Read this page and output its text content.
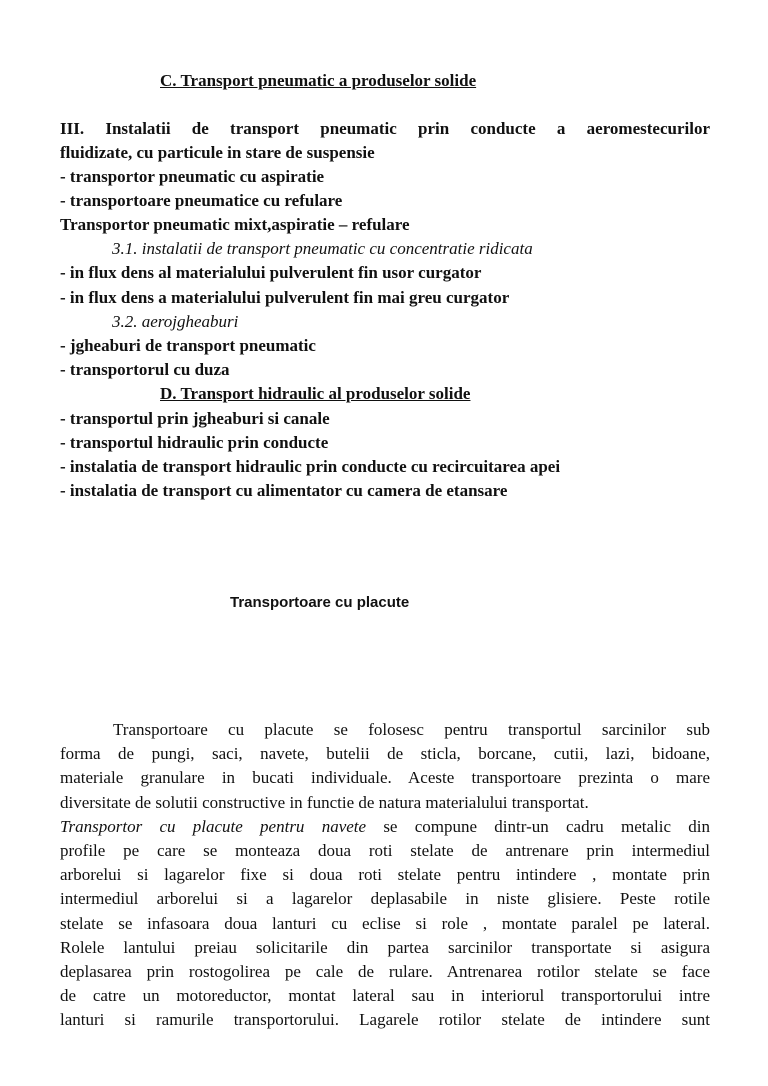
C. Transport pneumatic a produselor solide
III. Instalatii de transport pneumatic prin conducte a aeromestecurilor
fluidizate, cu particule in stare de suspensie
- transportor pneumatic cu aspiratie
- transportoare pneumatice cu refulare
Transportor pneumatic mixt,aspiratie – refulare
3.1. instalatii de transport pneumatic cu concentratie ridicata
- in flux dens al materialului pulverulent fin usor curgator
- in flux dens a materialului pulverulent fin mai greu curgator
3.2. aerojgheaburi
- jgheaburi de transport pneumatic
- transportorul cu duza
D. Transport hidraulic al produselor solide
- transportul prin jgheaburi si canale
- transportul hidraulic prin conducte
- instalatia de transport hidraulic prin conducte cu recircuitarea apei
- instalatia de transport cu alimentator cu camera de etansare
Transportoare cu placute
Transportoare cu placute se folosesc pentru transportul sarcinilor sub
forma de pungi, saci, navete, butelii de sticla, borcane, cutii, lazi, bidoane,
materiale granulare in bucati individuale. Aceste transportoare prezinta o mare
diversitate de solutii constructive in functie de natura materialului transportat.
Transportor cu placute pentru navete se compune dintr-un cadru metalic din
profile pe care se monteaza doua roti stelate de antrenare prin intermediul
arborelui si lagarelor fixe si doua roti stelate pentru intindere , montate prin
intermediul arborelui si a lagarelor deplasabile in niste glisiere. Peste rotile
stelate se infasoara doua lanturi cu eclise si role , montate paralel pe lateral.
Rolele lantului preiau solicitarile din partea sarcinilor transportate si asigura
deplasarea prin rostogolirea pe cale de rulare. Antrenarea rotilor stelate se face
de catre un motoreductor, montat lateral sau in interiorul transportorului intre
lanturi si ramurile transportorului. Lagarele rotilor stelate de intindere sunt
